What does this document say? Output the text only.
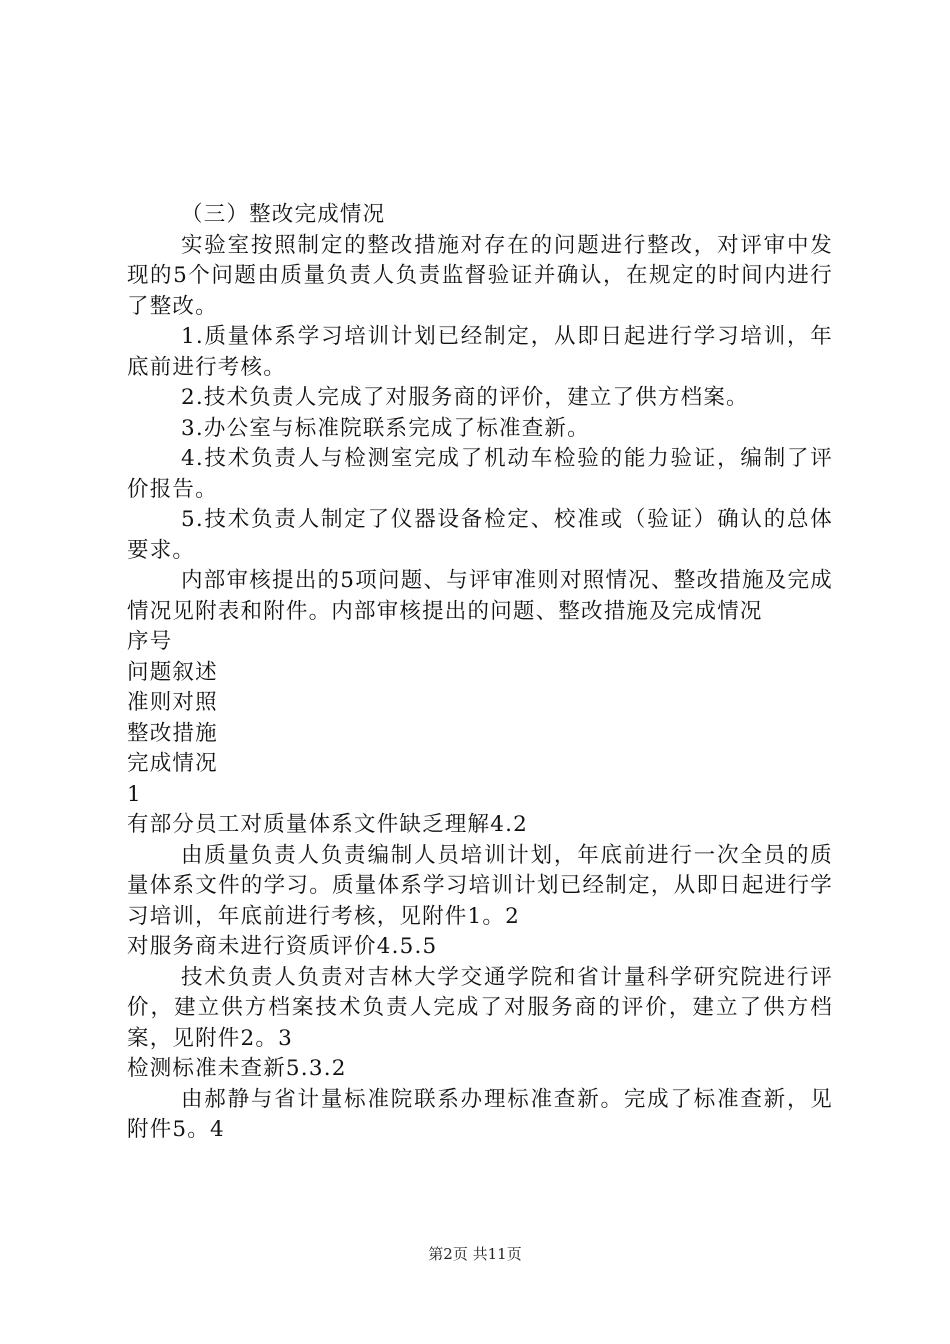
（三）整改完成情况

实验室按照制定的整改措施对存在的问题进行整改，对评审中发现的5个问题由质量负责人负责监督验证并确认，在规定的时间内进行了整改。

1.质量体系学习培训计划已经制定，从即日起进行学习培训，年底前进行考核。

2.技术负责人完成了对服务商的评价，建立了供方档案。

3.办公室与标准院联系完成了标准查新。

4.技术负责人与检测室完成了机动车检验的能力验证，编制了评价报告。

5.技术负责人制定了仪器设备检定、校准或（验证）确认的总体要求。

内部审核提出的5项问题、与评审准则对照情况、整改措施及完成情况见附表和附件。内部审核提出的问题、整改措施及完成情况

序号

问题叙述

准则对照

整改措施

完成情况

1

有部分员工对质量体系文件缺乏理解4.2

由质量负责人负责编制人员培训计划，年底前进行一次全员的质量体系文件的学习。质量体系学习培训计划已经制定，从即日起进行学习培训，年底前进行考核，见附件1。2

对服务商未进行资质评价4.5.5

技术负责人负责对吉林大学交通学院和省计量科学研究院进行评价，建立供方档案技术负责人完成了对服务商的评价，建立了供方档案，见附件2。3

检测标准未查新5.3.2

由郝静与省计量标准院联系办理标准查新。完成了标准查新，见附件5。4

第2页 共11页
